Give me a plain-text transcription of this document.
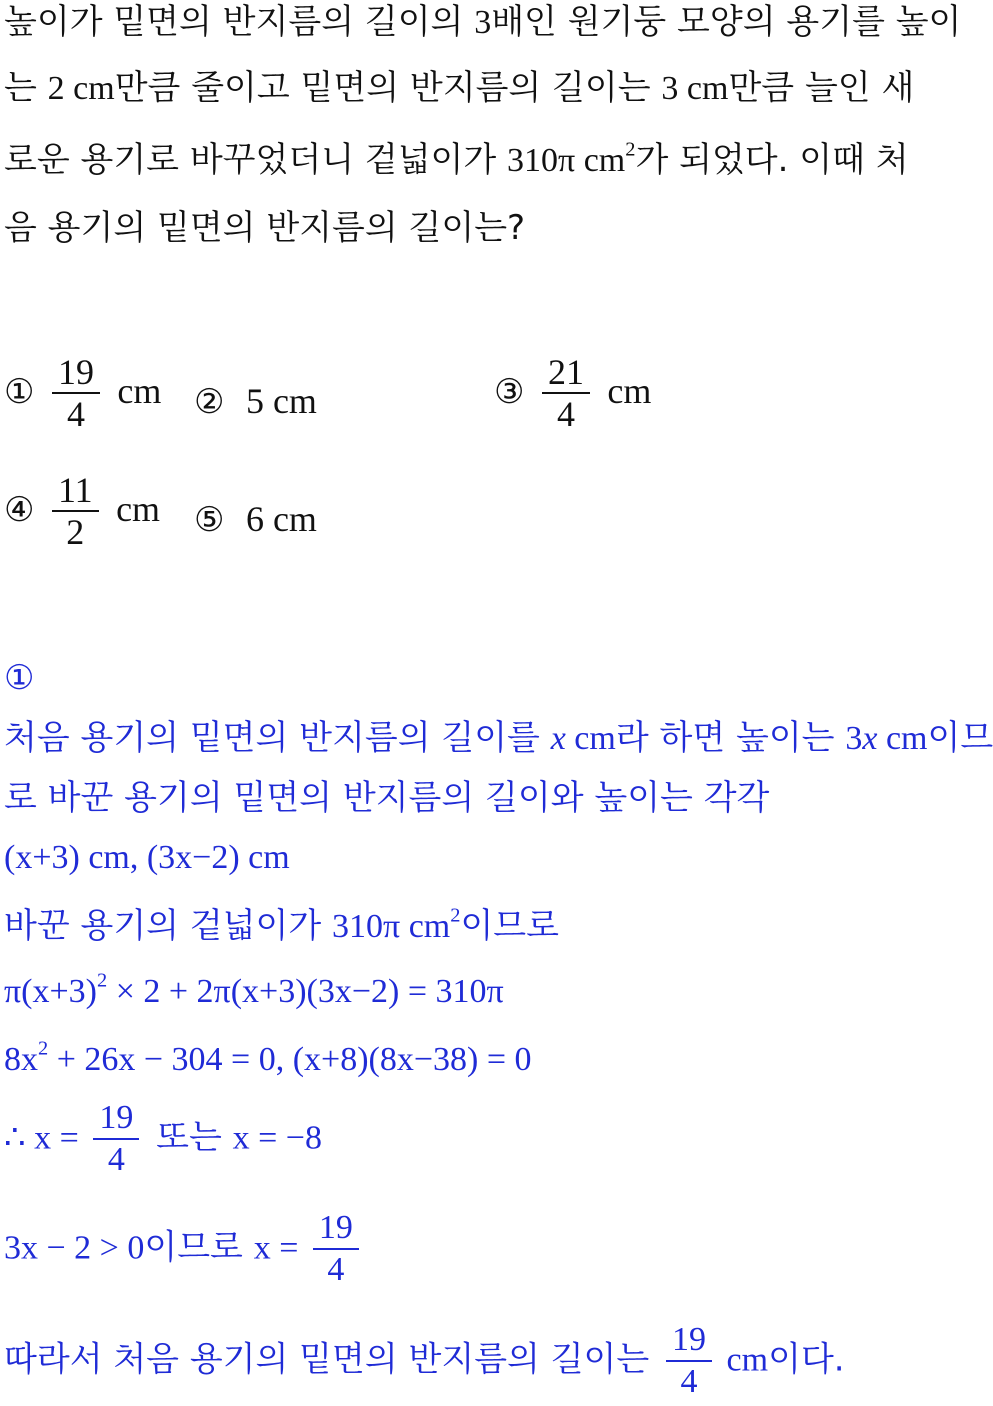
높이가 밑면의 반지름의 길이의 3배인 원기둥 모양의 용기를 높이
는 2 cm만큼 줄이고 밑면의 반지름의 길이는 3 cm만큼 늘인 새
로운 용기로 바꾸었더니 겉넓이가 310π $cm^2$가 되었다. 이때 처
음 용기의 밑면의 반지름의 길이는?
① $\frac{19}{4}$ cm ② 5 cm	③ $\frac{21}{4}$ cm
④ $\frac{11}{2}$ cm ⑤ 6 cm
①
처음 용기의 밑면의 반지름의 길이를 x cm라 하면 높이는 3x cm이므
로 바꾼 용기의 밑면의 반지름의 길이와 높이는 각각
(x+3) cm, (3x−2) cm
바꾼 용기의 겉넓이가 310π $cm^2$이므로
$\pi(x+3)^2 \times 2 + 2\pi(x+3)(3x-2) = 310\pi$
$8x^2 + 26x - 304 = 0$, (x+8)(8x−38) = 0
∴ $x = \frac{19}{4}$ 또는 x = −8
3x − 2 > 0이므로 $x = \frac{19}{4}$
따라서 처음 용기의 밑면의 반지름의 길이는 $\frac{19}{4}$ cm이다.
